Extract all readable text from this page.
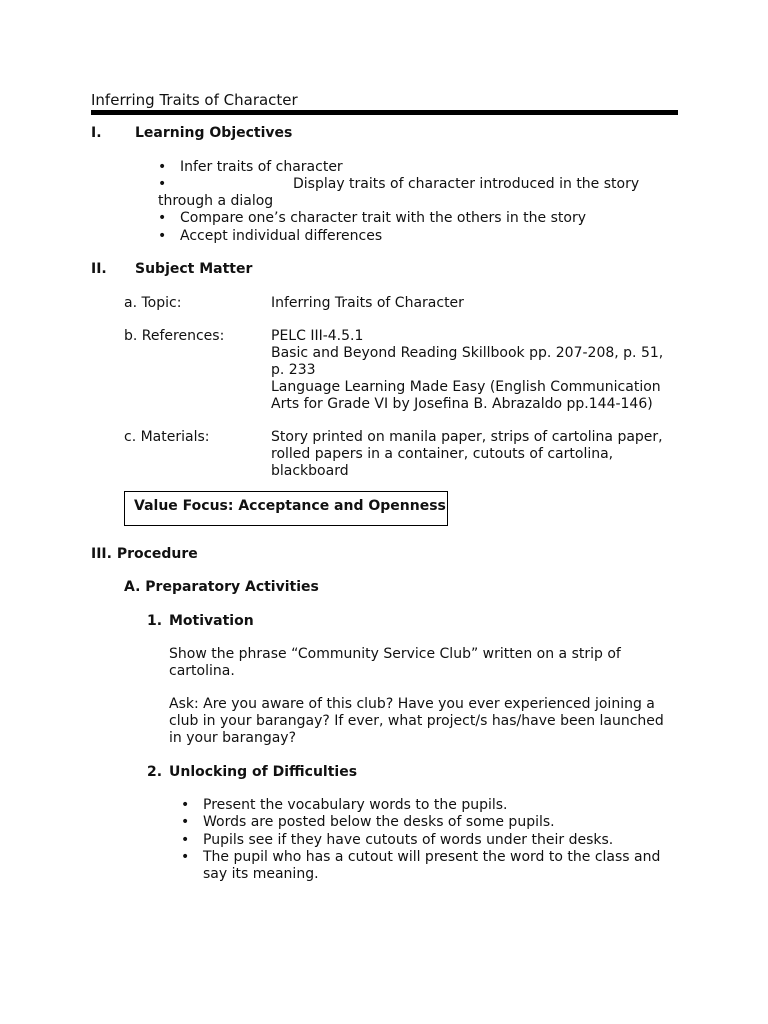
Inferring Traits of Character
I. Learning Objectives
• Infer traits of character
•	Display traits of character introduced in the story
through a dialog
• Compare one’s character trait with the others in the story
• Accept individual differences
II. Subject Matter
a. Topic:	Inferring Traits of Character
b. References:	PELC III-4.5.1
Basic and Beyond Reading Skillbook pp. 207-208, p. 51,
p. 233
Language Learning Made Easy (English Communication
Arts for Grade VI by Josefina B. Abrazaldo pp.144-146)
c. Materials:	Story printed on manila paper, strips of cartolina paper,
rolled papers in a container, cutouts of cartolina,
blackboard
Value Focus: Acceptance and Openness
III. Procedure
A. Preparatory Activities
1. Motivation
Show the phrase “Community Service Club” written on a strip of
cartolina.
Ask: Are you aware of this club? Have you ever experienced joining a
club in your barangay? If ever, what project/s has/have been launched
in your barangay?
2. Unlocking of Difficulties
• Present the vocabulary words to the pupils.
• Words are posted below the desks of some pupils.
• Pupils see if they have cutouts of words under their desks.
• The pupil who has a cutout will present the word to the class and
say its meaning.
